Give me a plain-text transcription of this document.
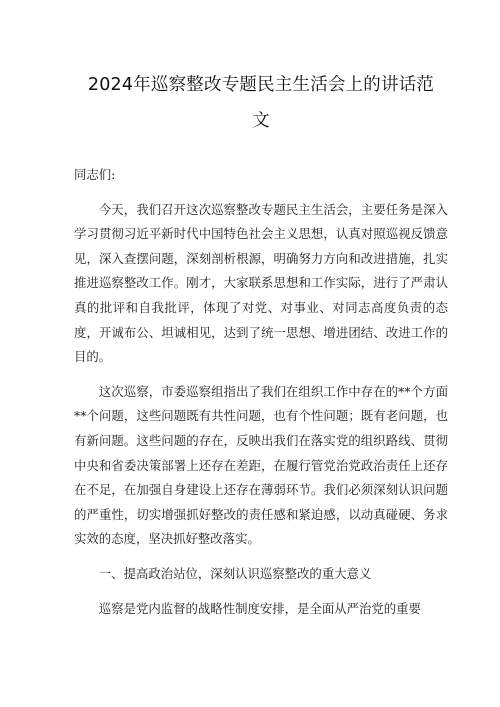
2024年巡察整改专题民主生活会上的讲话范
文

同志们:

今天，我们召开这次巡察整改专题民主生活会，主要任务是深入学习贯彻习近平新时代中国特色社会主义思想，认真对照巡视反馈意见，深入查摆问题，深刻剖析根源，明确努力方向和改进措施，扎实推进巡察整改工作。刚才，大家联系思想和工作实际，进行了严肃认真的批评和自我批评，体现了对党、对事业、对同志高度负责的态度，开诚布公、坦诚相见，达到了统一思想、增进团结、改进工作的目的。

这次巡察，市委巡察组指出了我们在组织工作中存在的**个方面**个问题，这些问题既有共性问题，也有个性问题；既有老问题，也有新问题。这些问题的存在，反映出我们在落实党的组织路线、贯彻中央和省委决策部署上还存在差距，在履行管党治党政治责任上还存在不足，在加强自身建设上还存在薄弱环节。我们必须深刻认识问题的严重性，切实增强抓好整改的责任感和紧迫感，以动真碰硬、务求实效的态度，坚决抓好整改落实。

一、提高政治站位，深刻认识巡察整改的重大意义

巡察是党内监督的战略性制度安排，是全面从严治党的重要
